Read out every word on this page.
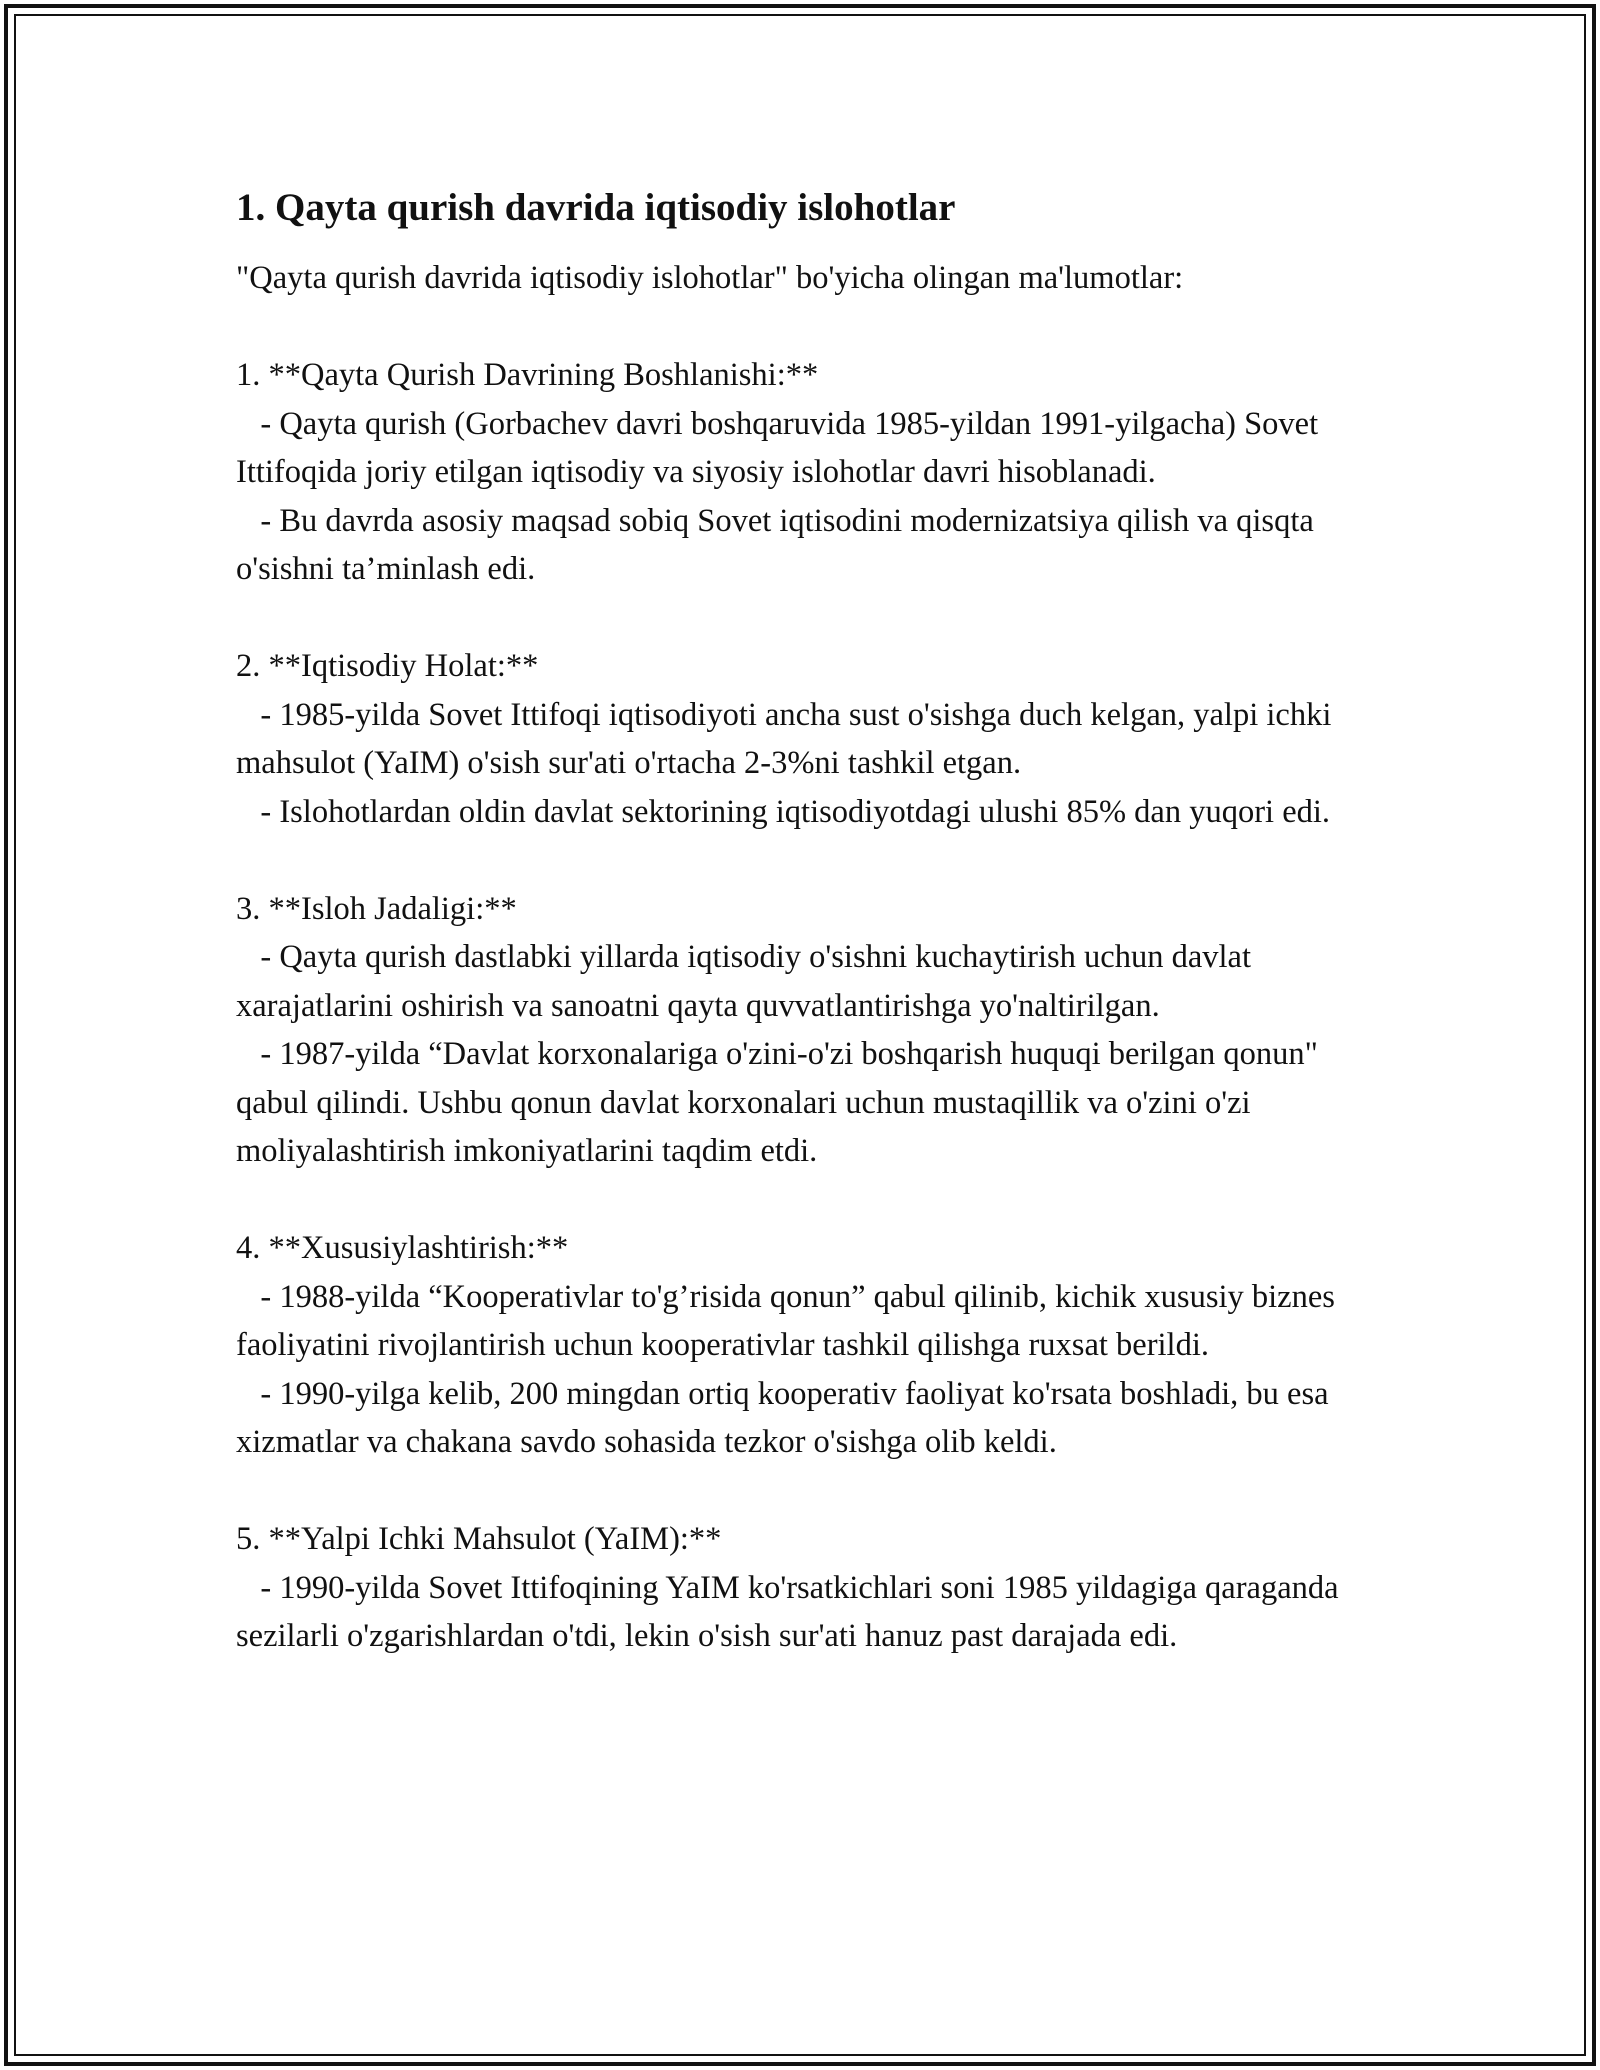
1. Qayta qurish davrida iqtisodiy islohotlar

"Qayta qurish davrida iqtisodiy islohotlar" bo'yicha olingan ma'lumotlar:

1. **Qayta Qurish Davrining Boshlanishi:**

- Qayta qurish (Gorbachev davri boshqaruvida 1985-yildan 1991-yilgacha) Sovet Ittifoqida joriy etilgan iqtisodiy va siyosiy islohotlar davri hisoblanadi.

- Bu davrda asosiy maqsad sobiq Sovet iqtisodini modernizatsiya qilish va qisqta o'sishni ta’minlash edi.

2. **Iqtisodiy Holat:**

- 1985-yilda Sovet Ittifoqi iqtisodiyoti ancha sust o'sishga duch kelgan, yalpi ichki mahsulot (YaIM) o'sish sur'ati o'rtacha 2-3%ni tashkil etgan.

- Islohotlardan oldin davlat sektorining iqtisodiyotdagi ulushi 85% dan yuqori edi.

3. **Isloh Jadaligi:**

- Qayta qurish dastlabki yillarda iqtisodiy o'sishni kuchaytirish uchun davlat xarajatlarini oshirish va sanoatni qayta quvvatlantirishga yo'naltirilgan.

- 1987-yilda “Davlat korxonalariga o'zini-o'zi boshqarish huquqi berilgan qonun" qabul qilindi. Ushbu qonun davlat korxonalari uchun mustaqillik va o'zini o'zi moliyalashtirish imkoniyatlarini taqdim etdi.

4. **Xususiylashtirish:**

- 1988-yilda “Kooperativlar to'g’risida qonun” qabul qilinib, kichik xususiy biznes faoliyatini rivojlantirish uchun kooperativlar tashkil qilishga ruxsat berildi.

- 1990-yilga kelib, 200 mingdan ortiq kooperativ faoliyat ko'rsata boshladi, bu esa xizmatlar va chakana savdo sohasida tezkor o'sishga olib keldi.

5. **Yalpi Ichki Mahsulot (YaIM):**

- 1990-yilda Sovet Ittifoqining YaIM ko'rsatkichlari soni 1985 yildagiga qaraganda sezilarli o'zgarishlardan o'tdi, lekin o'sish sur'ati hanuz past darajada edi.
